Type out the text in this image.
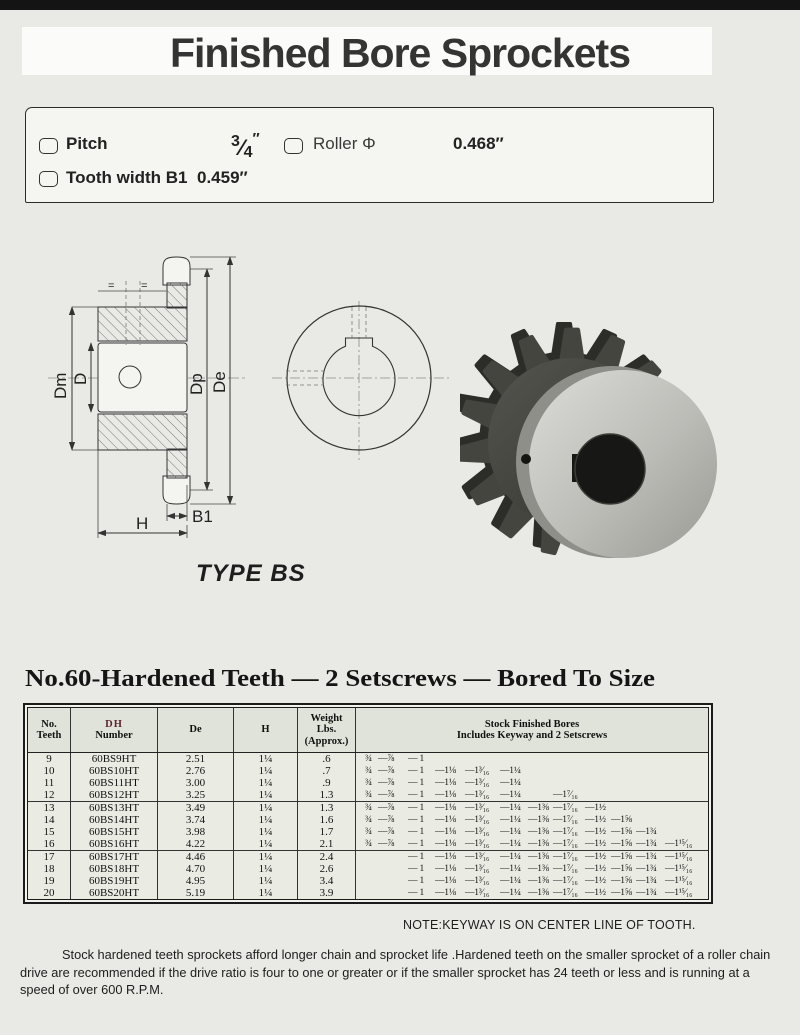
Finished Bore Sprockets
Pitch	3⁄4″	Roller Φ	0.468″
Tooth width B1 0.459″
= =
Dm D	Dp De
B1
H
TYPE BS
No.60-Hardened Teeth — 2 Setscrews — Bored To Size
No.
Teeth
DH
Number
De	H
Weight
Lbs.
(Approx.)
Stock Finished Bores
Includes Keyway and 2 Setscrews
9	60BS9HT	2.51	1¼	.6	¾ —⅞	— 1
10	60BS10HT	2.76	1¼	.7	¾ —⅞	— 1	—1⅛ —1³⁄₁₆	—1¼
11	60BS11HT	3.00	1¼	.9	¾ —⅞	— 1	—1⅛ —1³⁄₁₆	—1¼
12	60BS12HT	3.25	1¼	1.3	¾ —⅞	— 1	—1⅛ —1³⁄₁₆	—1¼	—1⁷⁄₁₆
13	60BS13HT	3.49	1¼	1.3	¾ —⅞	— 1	—1⅛ —1³⁄₁₆	—1¼ —1⅜ —1⁷⁄₁₆ —1½
14	60BS14HT	3.74	1¼	1.6	¾ —⅞	— 1	—1⅛ —1³⁄₁₆	—1¼ —1⅜ —1⁷⁄₁₆ —1½ —1⅝
15	60BS15HT	3.98	1¼	1.7	¾ —⅞	— 1	—1⅛ —1³⁄₁₆	—1¼ —1⅜ —1⁷⁄₁₆ —1½ —1⅝ —1¾
16	60BS16HT	4.22	1¼	2.1	¾ —⅞	— 1	—1⅛ —1³⁄₁₆	—1¼ —1⅜ —1⁷⁄₁₆ —1½ —1⅝ —1¾ —1¹⁵⁄₁₆
17	60BS17HT	4.46	1¼	2.4	— 1	—1⅛ —1³⁄₁₆	—1¼ —1⅜ —1⁷⁄₁₆ —1½ —1⅝ —1¾ —1¹⁵⁄₁₆
18	60BS18HT	4.70	1¼	2.6	— 1	—1⅛ —1³⁄₁₆	—1¼ —1⅜ —1⁷⁄₁₆ —1½ —1⅝ —1¾ —1¹⁵⁄₁₆
19	60BS19HT	4.95	1¼	3.4	— 1	—1⅛ —1³⁄₁₆	—1¼ —1⅜ —1⁷⁄₁₆ —1½ —1⅝ —1¾ —1¹⁵⁄₁₆
20	60BS20HT	5.19	1¼	3.9	— 1	—1⅛ —1³⁄₁₆	—1¼ —1⅜ —1⁷⁄₁₆ —1½ —1⅝ —1¾ —1¹⁵⁄₁₆
NOTE:KEYWAY IS ON CENTER LINE OF TOOTH.
Stock hardened teeth sprockets afford longer chain and sprocket life .Hardened teeth on the smaller sprocket of a roller chain drive are recommended if the drive ratio is four to one or greater or if the smaller sprocket has 24 teeth or less and is running at a speed of over 600 R.P.M.
